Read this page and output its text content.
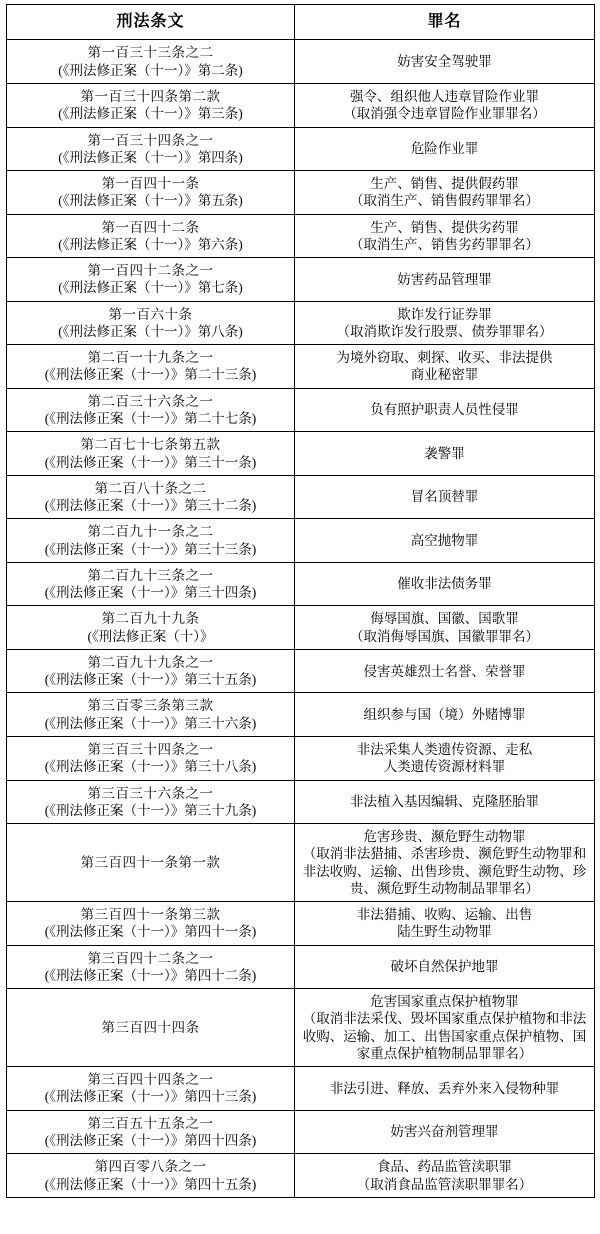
刑法条文	罪名

第一百三十三条之二
(《刑法修正案（十一）》第二条)	妨害安全驾驶罪

第一百三十四条第二款
(《刑法修正案（十一）》第三条)	强令、组织他人违章冒险作业罪
（取消强令违章冒险作业罪罪名）

第一百三十四条之一
(《刑法修正案（十一）》第四条)	危险作业罪

第一百四十一条
(《刑法修正案（十一）》第五条)	生产、销售、提供假药罪
（取消生产、销售假药罪罪名）

第一百四十二条
(《刑法修正案（十一）》第六条)	生产、销售、提供劣药罪
（取消生产、销售劣药罪罪名）

第一百四十二条之一
(《刑法修正案（十一）》第七条)	妨害药品管理罪

第一百六十条
(《刑法修正案（十一）》第八条)	欺诈发行证券罪
（取消欺诈发行股票、债券罪罪名）

第二百一十九条之一
(《刑法修正案（十一）》第二十三条)	为境外窃取、刺探、收买、非法提供
商业秘密罪

第二百三十六条之一
(《刑法修正案（十一）》第二十七条)	负有照护职责人员性侵罪

第二百七十七条第五款
(《刑法修正案（十一）》第三十一条)	袭警罪

第二百八十条之二
(《刑法修正案（十一）》第三十二条)	冒名顶替罪

第二百九十一条之二
(《刑法修正案（十一）》第三十三条)	高空抛物罪

第二百九十三条之一
(《刑法修正案（十一）》第三十四条)	催收非法债务罪

第二百九十九条
(《刑法修正案（十）》	侮辱国旗、国徽、国歌罪
（取消侮辱国旗、国徽罪罪名）

第二百九十九条之一
(《刑法修正案（十一）》第三十五条)	侵害英雄烈士名誉、荣誉罪

第三百零三条第三款
(《刑法修正案（十一）》第三十六条)	组织参与国（境）外赌博罪

第三百三十四条之一
(《刑法修正案（十一）》第三十八条)	非法采集人类遗传资源、走私
人类遗传资源材料罪

第三百三十六条之一
(《刑法修正案（十一）》第三十九条)	非法植入基因编辑、克隆胚胎罪

第三百四十一条第一款	危害珍贵、濒危野生动物罪
（取消非法猎捕、杀害珍贵、濒危野生动物罪和非法收购、运输、出售珍贵、濒危野生动物、珍贵、濒危野生动物制品罪罪名）

第三百四十一条第三款
(《刑法修正案（十一）》第四十一条)	非法猎捕、收购、运输、出售
陆生野生动物罪

第三百四十二条之一
(《刑法修正案（十一）》第四十二条)	破坏自然保护地罪

第三百四十四条	危害国家重点保护植物罪
（取消非法采伐、毁坏国家重点保护植物和非法收购、运输、加工、出售国家重点保护植物、国家重点保护植物制品罪罪名）

第三百四十四条之一
(《刑法修正案（十一）》第四十三条)	非法引进、释放、丢弃外来入侵物种罪

第三百五十五条之一
(《刑法修正案（十一）》第四十四条)	妨害兴奋剂管理罪

第四百零八条之一
(《刑法修正案（十一）》第四十五条)	食品、药品监管渎职罪
（取消食品监管渎职罪罪名）
